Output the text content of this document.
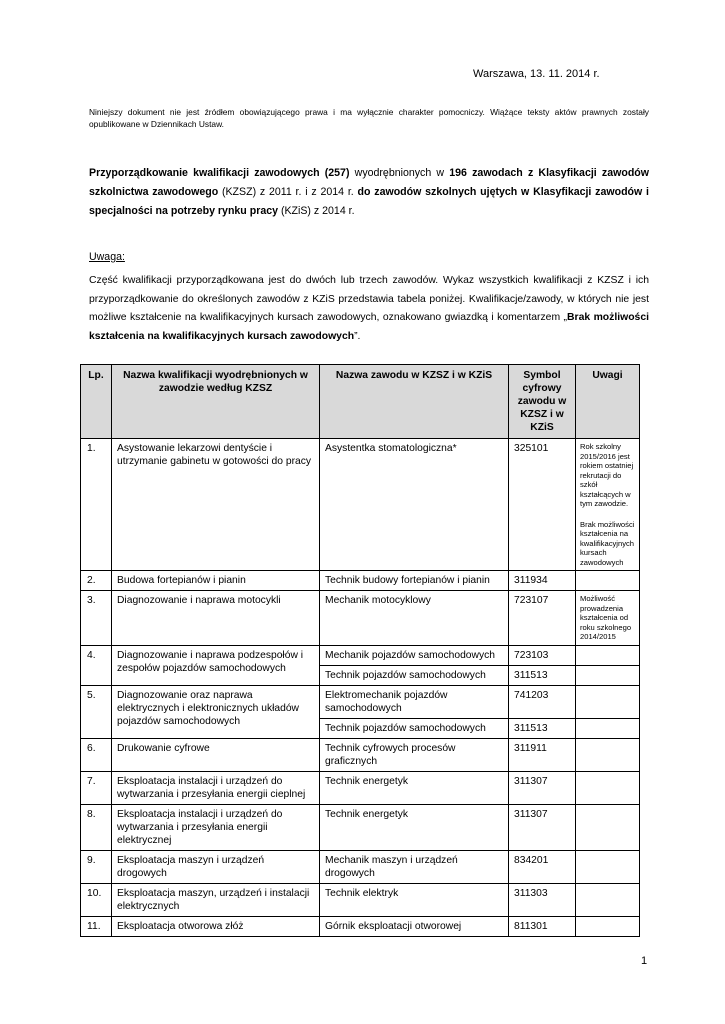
Warszawa, 13. 11. 2014 r.
Niniejszy dokument nie jest źródłem obowiązującego prawa i ma wyłącznie charakter pomocniczy. Wiążące teksty aktów prawnych zostały opublikowane w Dziennikach Ustaw.
Przyporządkowanie kwalifikacji zawodowych (257) wyodrębnionych w 196 zawodach z Klasyfikacji zawodów szkolnictwa zawodowego (KZSZ) z 2011 r. i z 2014 r. do zawodów szkolnych ujętych w Klasyfikacji zawodów i specjalności na potrzeby rynku pracy (KZiS) z 2014 r.
Uwaga:
Część kwalifikacji przyporządkowana jest do dwóch lub trzech zawodów. Wykaz wszystkich kwalifikacji z KZSZ i ich przyporządkowanie do określonych zawodów z KZiS przedstawia tabela poniżej. Kwalifikacje/zawody, w których nie jest możliwe kształcenie na kwalifikacyjnych kursach zawodowych, oznakowano gwiazdką i komentarzem „Brak możliwości kształcenia na kwalifikacyjnych kursach zawodowych”.
Lp.	Nazwa kwalifikacji wyodrębnionych w zawodzie według KZSZ	Nazwa zawodu w KZSZ i w KZiS	Symbol cyfrowy zawodu w KZSZ i w KZiS	Uwagi
1.	Asystowanie lekarzowi dentyście i utrzymanie gabinetu w gotowości do pracy	Asystentka stomatologiczna*	325101	Rok szkolny 2015/2016 jest rokiem ostatniej rekrutacji do szkół kształcących w tym zawodzie.
Brak możliwości kształcenia na kwalifikacyjnych kursach zawodowych
2.	Budowa fortepianów i pianin	Technik budowy fortepianów i pianin	311934	
3.	Diagnozowanie i naprawa motocykli	Mechanik motocyklowy	723107	Możliwość prowadzenia kształcenia od roku szkolnego 2014/2015
4.	Diagnozowanie i naprawa podzespołów i zespołów pojazdów samochodowych	Mechanik pojazdów samochodowych	723103	
		Technik pojazdów samochodowych	311513	
5.	Diagnozowanie oraz naprawa elektrycznych i elektronicznych układów pojazdów samochodowych	Elektromechanik pojazdów samochodowych	741203	
		Technik pojazdów samochodowych	311513	
6.	Drukowanie cyfrowe	Technik cyfrowych procesów graficznych	311911	
7.	Eksploatacja instalacji i urządzeń do wytwarzania i przesyłania energii cieplnej	Technik energetyk	311307	
8.	Eksploatacja instalacji i urządzeń do wytwarzania i przesyłania energii elektrycznej	Technik energetyk	311307	
9.	Eksploatacja maszyn i urządzeń drogowych	Mechanik maszyn i urządzeń drogowych	834201	
10.	Eksploatacja maszyn, urządzeń i instalacji elektrycznych	Technik elektryk	311303	
11.	Eksploatacja otworowa złóż	Górnik eksploatacji otworowej	811301	
1
